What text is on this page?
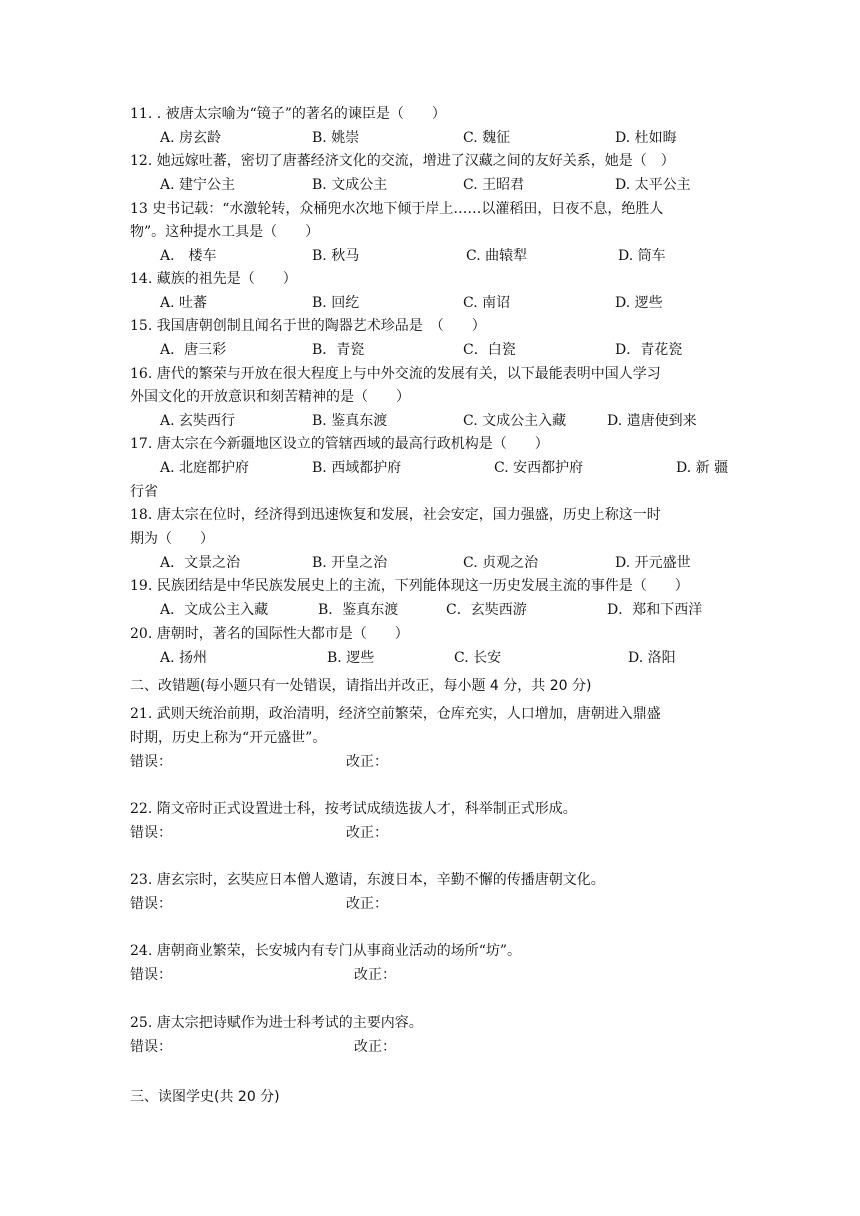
11. . 被唐太宗喻为“镜子”的著名的谏臣是（　　）
A. 房玄龄	B. 姚崇	C. 魏征	D. 杜如晦
12. 她远嫁吐蕃，密切了唐蕃经济文化的交流，增进了汉藏之间的友好关系，她是（　）
A. 建宁公主	B. 文成公主	C. 王昭君	D. 太平公主
13 史书记载：“水激轮转，众桶兜水次地下倾于岸上……以灌稻田，日夜不息，绝胜人
物”。这种提水工具是（　　）
A.　楼车	B. 秋马	C. 曲辕犁	D. 筒车
14. 藏族的祖先是（　　）
A. 吐蕃	B. 回纥	C. 南诏	D. 逻些
15. 我国唐朝创制且闻名于世的陶器艺术珍品是　（　　）
A．唐三彩	B．青瓷	C．白瓷	D．青花瓷
16. 唐代的繁荣与开放在很大程度上与中外交流的发展有关，以下最能表明中国人学习
外国文化的开放意识和刻苦精神的是（　　）
A. 玄奘西行	B. 鉴真东渡	C. 文成公主入藏	D. 遣唐使到来
17. 唐太宗在今新疆地区设立的管辖西域的最高行政机构是（　　）
A. 北庭都护府	B. 西域都护府	C. 安西都护府	D. 新 疆
行省
18. 唐太宗在位时，经济得到迅速恢复和发展，社会安定，国力强盛，历史上称这一时
期为（　　）
A．文景之治	B. 开皇之治	C. 贞观之治	D. 开元盛世
19. 民族团结是中华民族发展史上的主流，下列能体现这一历史发展主流的事件是（　　）
A．文成公主入藏	B．鉴真东渡	C．玄奘西游	D．郑和下西洋
20. 唐朝时，著名的国际性大都市是（　　）
A. 扬州	B. 逻些	C. 长安	D. 洛阳
二、改错题(每小题只有一处错误，请指出并改正，每小题 4 分，共 20 分)
21. 武则天统治前期，政治清明，经济空前繁荣，仓库充实，人口增加，唐朝进入鼎盛
时期，历史上称为“开元盛世”。
错误：	改正：
22. 隋文帝时正式设置进士科，按考试成绩选拔人才，科举制正式形成。
错误：	改正：
23. 唐玄宗时，玄奘应日本僧人邀请，东渡日本，辛勤不懈的传播唐朝文化。
错误：	改正：
24. 唐朝商业繁荣，长安城内有专门从事商业活动的场所“坊”。
错误：	改正：
25. 唐太宗把诗赋作为进士科考试的主要内容。
错误：	改正：
三、读图学史(共 20 分)
